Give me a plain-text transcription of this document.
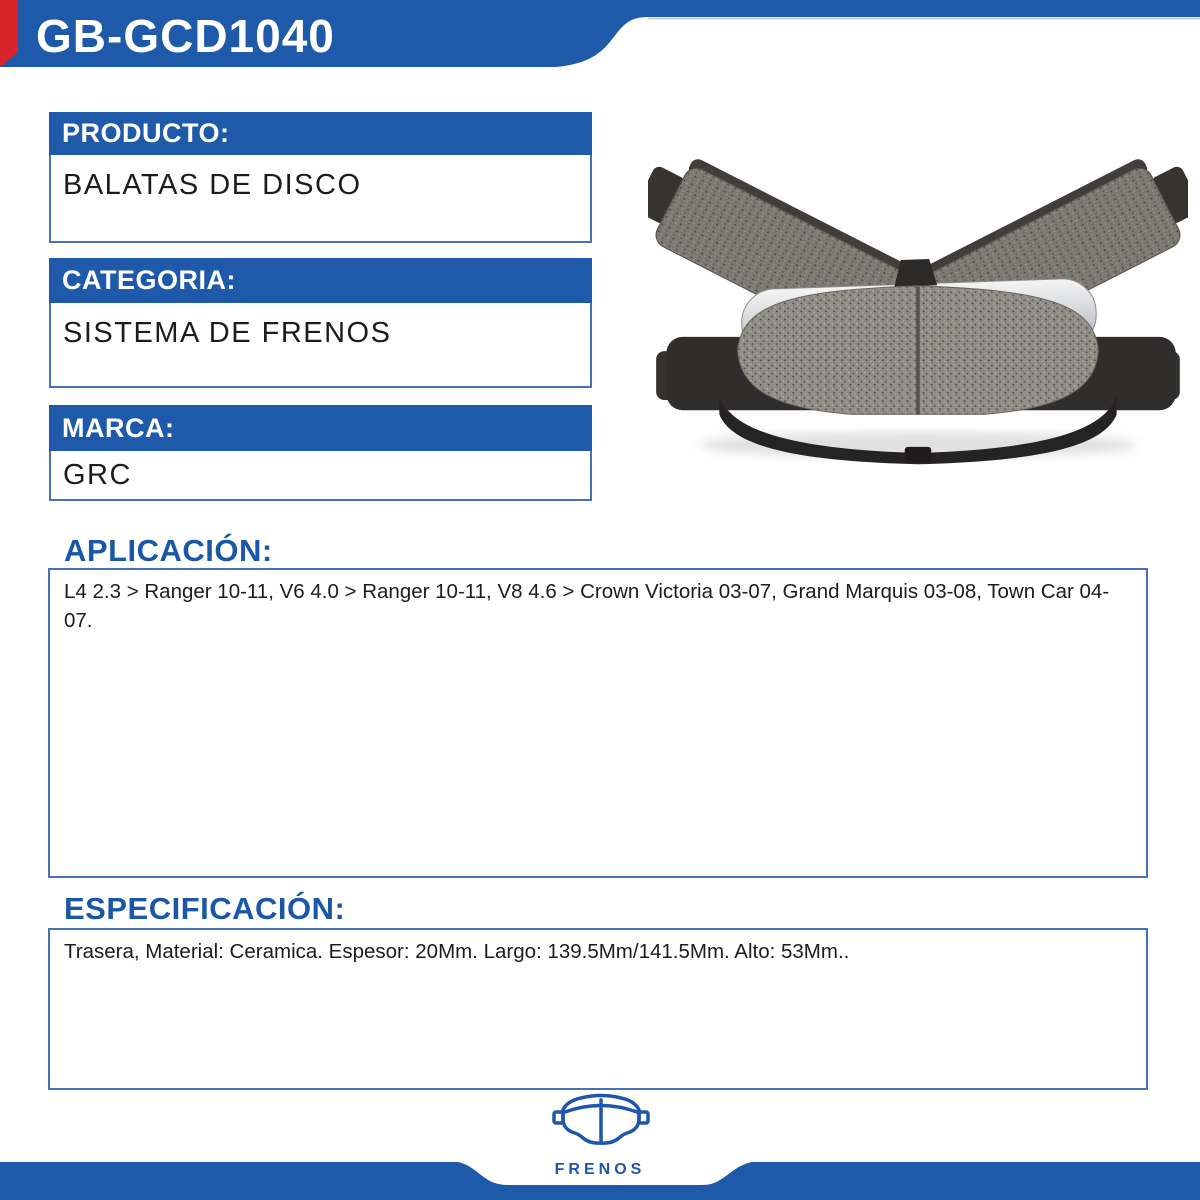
GB-GCD1040
PRODUCTO:
BALATAS DE DISCO
CATEGORIA:
SISTEMA DE FRENOS
MARCA:
GRC
APLICACIÓN:

L4 2.3 > Ranger 10-11, V6 4.0 > Ranger 10-11, V8 4.6 > Crown Victoria 03-07, Grand Marquis 03-08, Town Car 04-07.

ESPECIFICACIÓN:

Trasera, Material: Ceramica. Espesor: 20Mm. Largo: 139.5Mm/141.5Mm. Alto: 53Mm..

FRENOS
